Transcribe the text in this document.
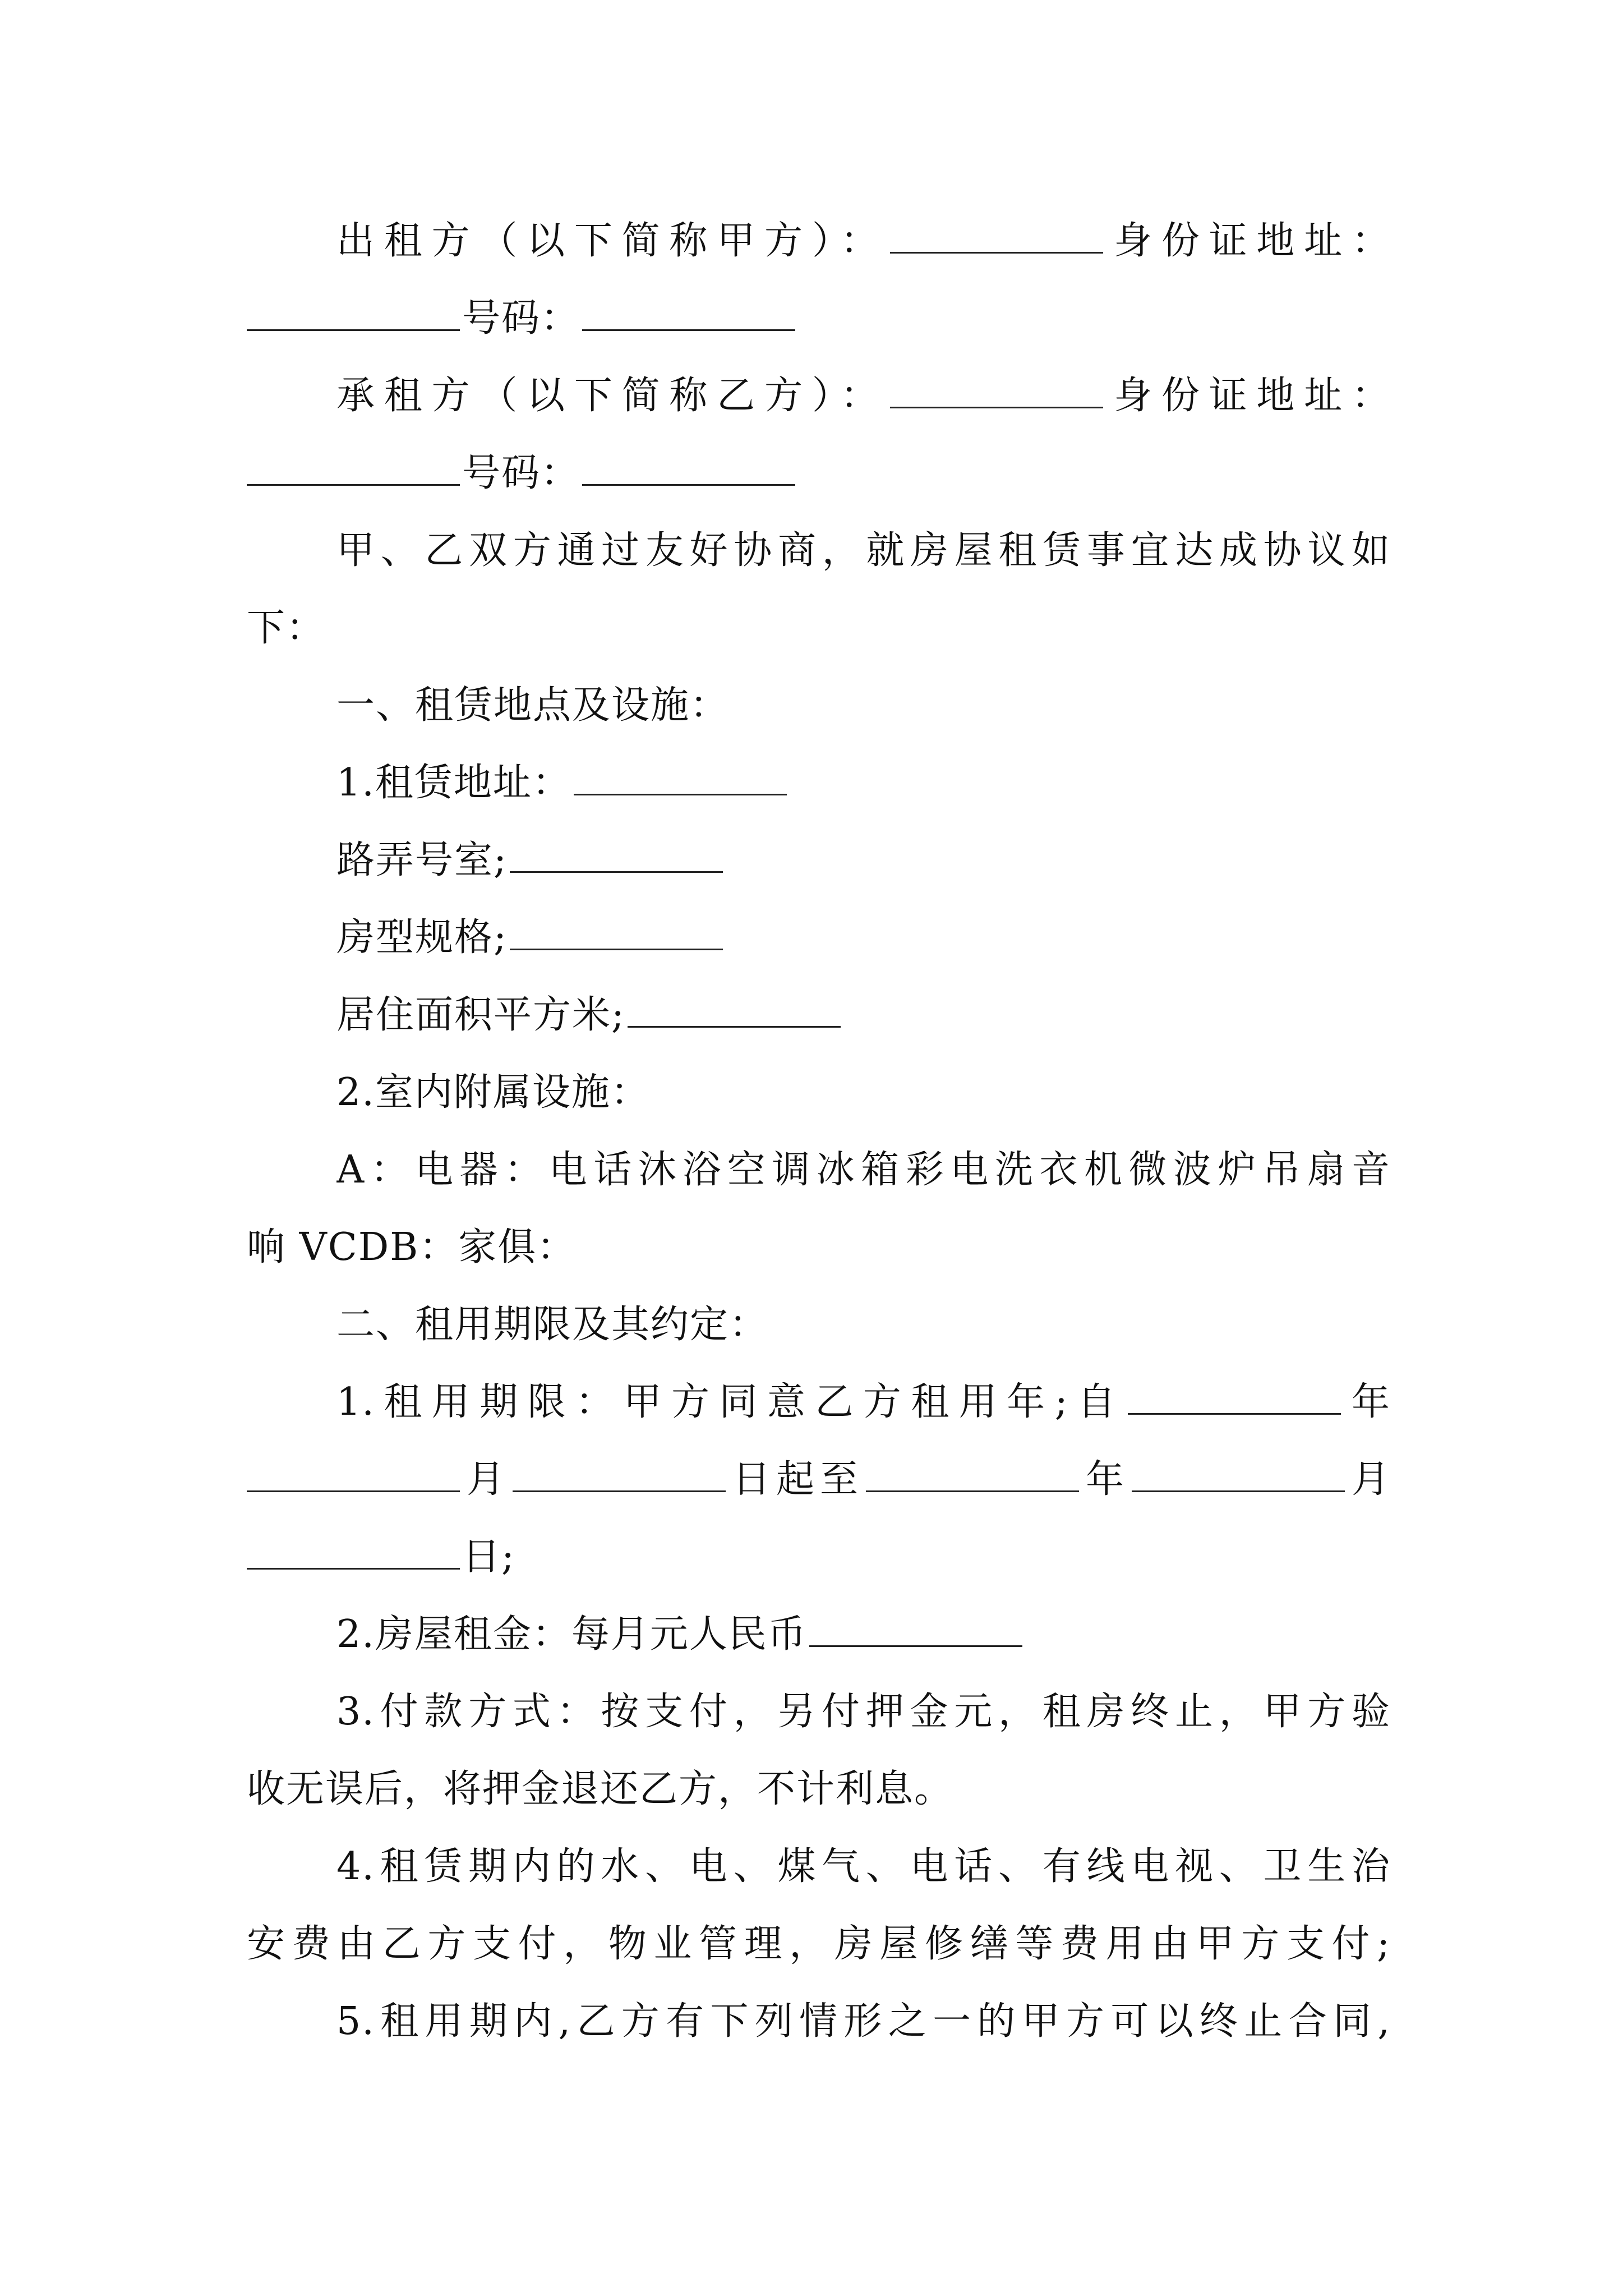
出租方（以下简称甲方）：	身份证地址：
号码：
承租方（以下简称乙方）：	身份证地址：
号码：
甲、乙双方通过友好协商，就房屋租赁事宜达成协议如
下：
一、租赁地点及设施：
1.租赁地址：
路弄号室;
房型规格;
居住面积平方米;
2.室内附属设施：
A：电器：电话沐浴空调冰箱彩电洗衣机微波炉吊扇音
响 VCDB：家俱：
二、租用期限及其约定：
1.租用期限：甲方同意乙方租用年;自	年
月	日起至	年	月
日;
2.房屋租金：每月元人民币
3.付款方式：按支付，另付押金元，租房终止，甲方验
收无误后，将押金退还乙方，不计利息。
4.租赁期内的水、电、煤气、电话、有线电视、卫生治
安费由乙方支付，物业管理，房屋修缮等费用由甲方支付;
5.租用期内,乙方有下列情形之一的甲方可以终止合同,
